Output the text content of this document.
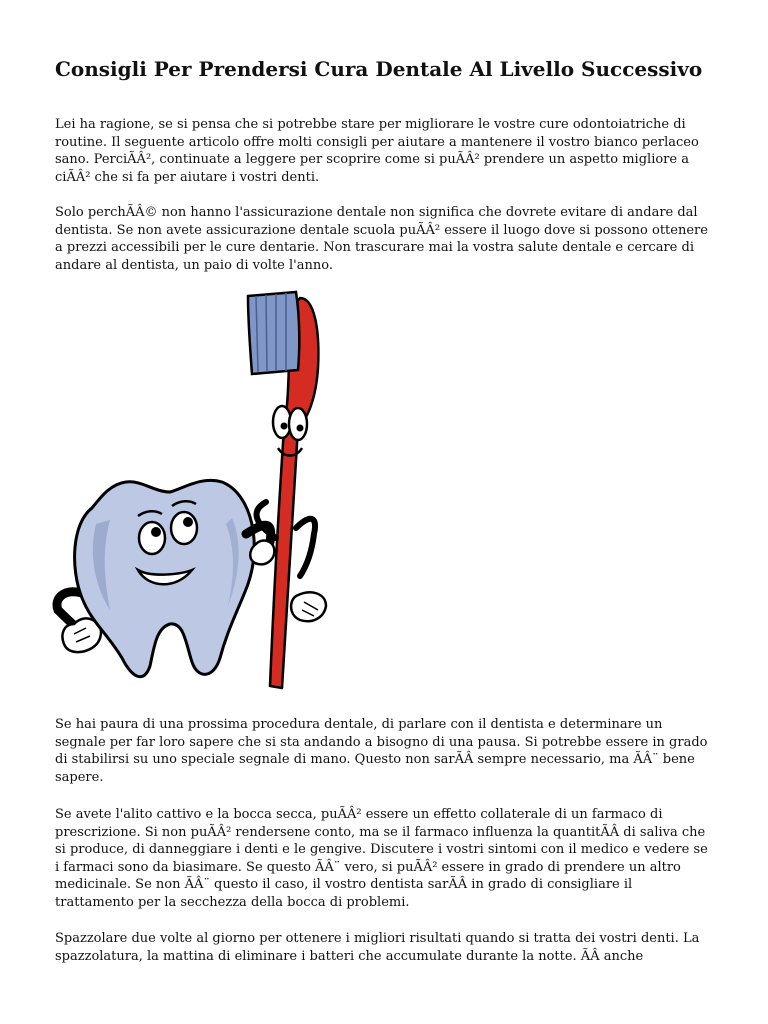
Consigli Per Prendersi Cura Dentale Al Livello Successivo

Lei ha ragione, se si pensa che si potrebbe stare per migliorare le vostre cure odontoiatriche di routine. Il seguente articolo offre molti consigli per aiutare a mantenere il vostro bianco perlaceo sano. PerciÃÂ², continuate a leggere per scoprire come si puÃÂ² prendere un aspetto migliore a ciÃÂ² che si fa per aiutare i vostri denti.

Solo perchÃÂ© non hanno l'assicurazione dentale non significa che dovrete evitare di andare dal dentista. Se non avete assicurazione dentale scuola puÃÂ² essere il luogo dove si possono ottenere a prezzi accessibili per le cure dentarie. Non trascurare mai la vostra salute dentale e cercare di andare al dentista, un paio di volte l'anno.

Se hai paura di una prossima procedura dentale, di parlare con il dentista e determinare un segnale per far loro sapere che si sta andando a bisogno di una pausa. Si potrebbe essere in grado di stabilirsi su uno speciale segnale di mano. Questo non sarÃÂ sempre necessario, ma ÃÂ¨ bene sapere.

Se avete l'alito cattivo e la bocca secca, puÃÂ² essere un effetto collaterale di un farmaco di prescrizione. Si non puÃÂ² rendersene conto, ma se il farmaco influenza la quantitÃÂ di saliva che si produce, di danneggiare i denti e le gengive. Discutere i vostri sintomi con il medico e vedere se i farmaci sono da biasimare. Se questo ÃÂ¨ vero, si puÃÂ² essere in grado di prendere un altro medicinale. Se non ÃÂ¨ questo il caso, il vostro dentista sarÃÂ in grado di consigliare il trattamento per la secchezza della bocca di problemi.

Spazzolare due volte al giorno per ottenere i migliori risultati quando si tratta dei vostri denti. La spazzolatura, la mattina di eliminare i batteri che accumulate durante la notte. ÃÂ anche
